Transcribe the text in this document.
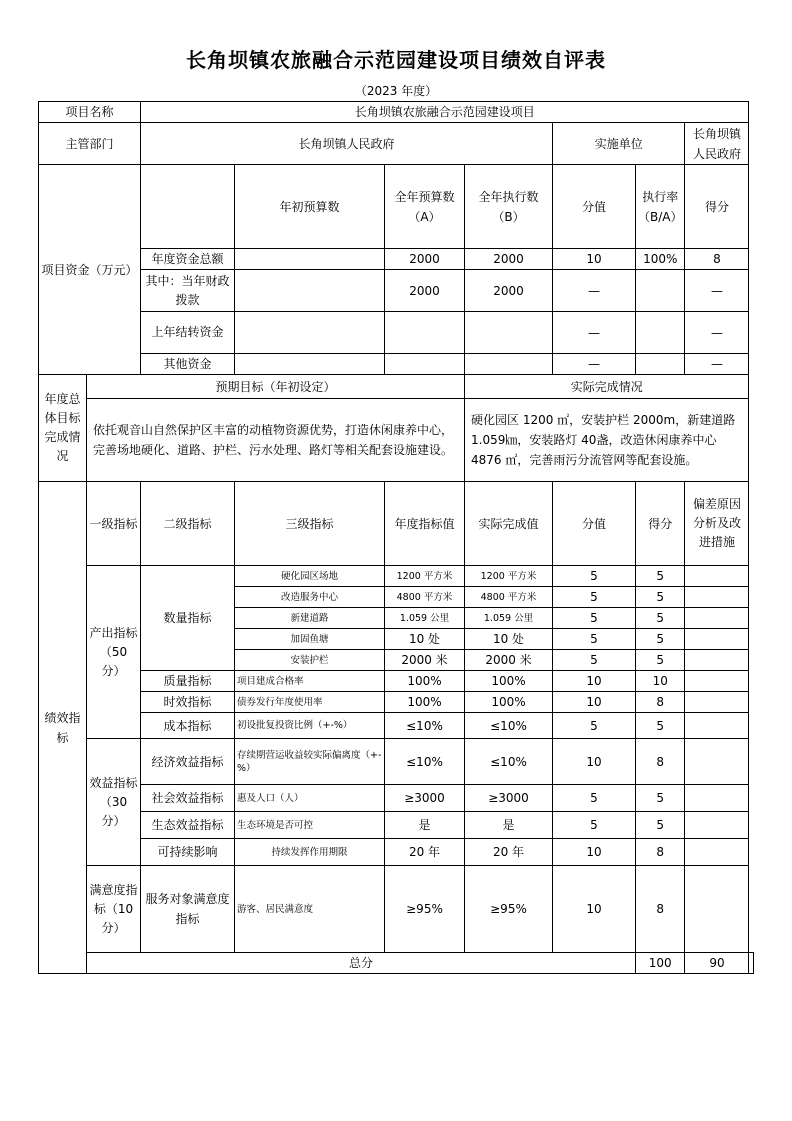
长角坝镇农旅融合示范园建设项目绩效自评表
（2023 年度）
项目名称		长角坝镇农旅融合示范园建设项目							
主管部门		长角坝镇人民政府				实施单位		长角坝镇人民政府	
项目资金（万元）			年初预算数	全年预算数（A）	全年执行数（B）	分值	执行率（B/A）	得分	
		年度资金总额		2000	2000	10	100%	8	
		其中：当年财政拨款		2000	2000	—		—	
		上年结转资金				—		—	
		其他资金				—		—	
年度总体目标完成情况	预期目标（年初设定）				实际完成情况				
	依托观音山自然保护区丰富的动植物资源优势，打造休闲康养中心，完善场地硬化、道路、护栏、污水处理、路灯等相关配套设施建设。				硬化园区 1200 ㎡，安装护栏 2000m，新建道路 1.059㎞，安装路灯 40盏，改造休闲康养中心 4876 ㎡，完善雨污分流管网等配套设施。				
绩效指标	一级指标	二级指标	三级指标	年度指标值	实际完成值	分值	得分	偏差原因分析及改进措施	
	产出指标（50 分）	数量指标	硬化园区场地	1200 平方米	1200 平方米	5	5		
			改造服务中心	4800 平方米	4800 平方米	5	5		
			新建道路	1.059 公里	1.059 公里	5	5		
			加固鱼塘	10 处	10 处	5	5		
			安装护栏	2000 米	2000 米	5	5		
		质量指标	项目建成合格率	100%	100%	10	10		
		时效指标	债券发行年度使用率	100%	100%	10	8		
		成本指标	初设批复投资比例（+-%）	≤10%	≤10%	5	5		
	效益指标（30 分）	经济效益指标	存续期营运收益较实际偏离度（+-%）	≤10%	≤10%	10	8		
		社会效益指标	惠及人口（人）	≥3000	≥3000	5	5		
		生态效益指标	生态环境是否可控	是	是	5	5		
		可持续影响	持续发挥作用期限	20 年	20 年	10	8		
	满意度指标（10 分）	服务对象满意度指标	游客、居民满意度	≥95%	≥95%	10	8		
	总分						100	90	
